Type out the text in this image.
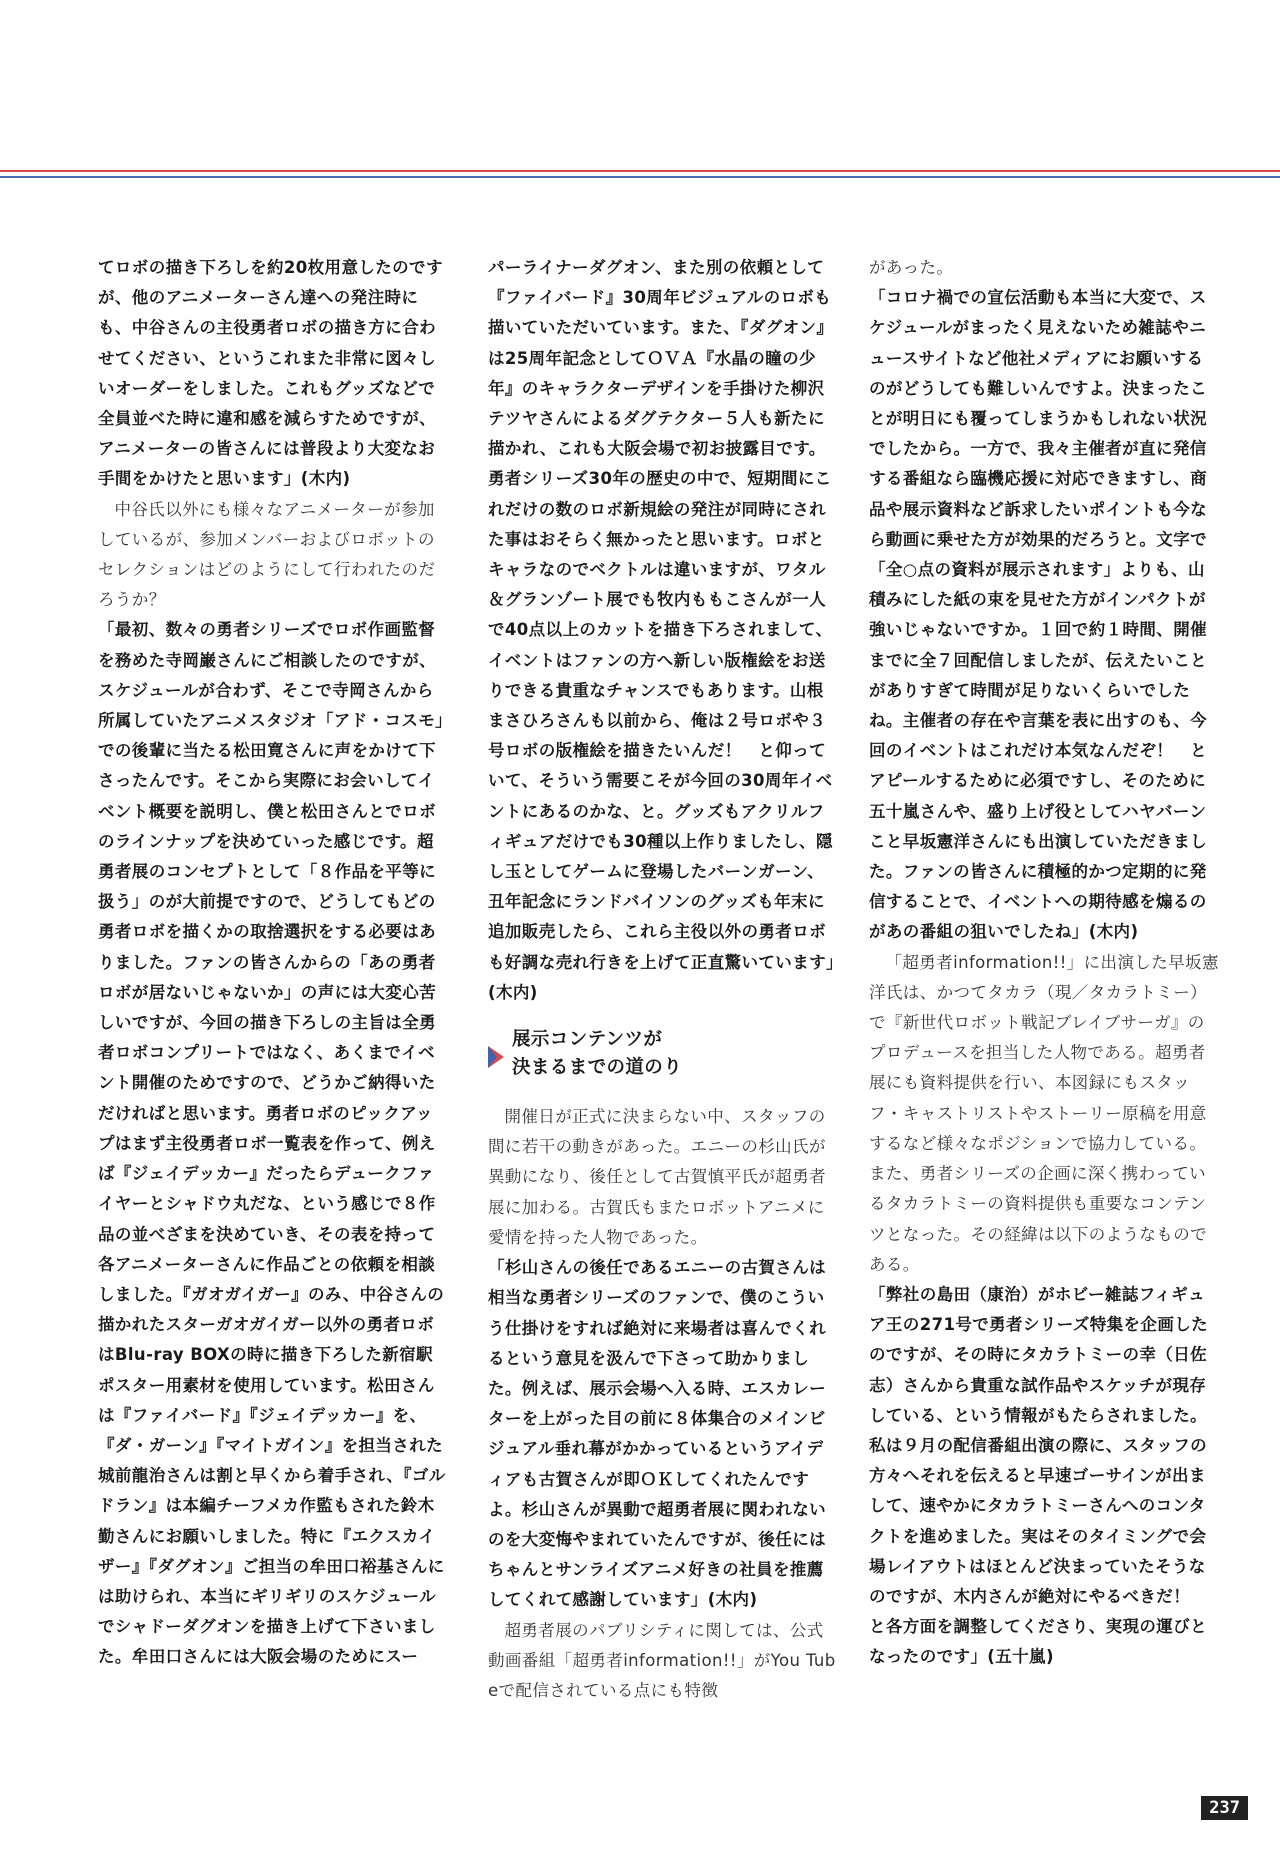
てロボの描き下ろしを約20枚用意したのですが、他のアニメーターさん達への発注時にも、中谷さんの主役勇者ロボの描き方に合わせてください、というこれまた非常に図々しいオーダーをしました。これもグッズなどで全員並べた時に違和感を減らすためですが、アニメーターの皆さんには普段より大変なお手間をかけたと思います」(木内)

中谷氏以外にも様々なアニメーターが参加しているが、参加メンバーおよびロボットのセレクションはどのようにして行われたのだろうか？

「最初、数々の勇者シリーズでロボ作画監督を務めた寺岡巌さんにご相談したのですが、スケジュールが合わず、そこで寺岡さんから所属していたアニメスタジオ「アド・コスモ」での後輩に当たる松田寛さんに声をかけて下さったんです。そこから実際にお会いしてイベント概要を説明し、僕と松田さんとでロボのラインナップを決めていった感じです。超勇者展のコンセプトとして「８作品を平等に扱う」のが大前提ですので、どうしてもどの勇者ロボを描くかの取捨選択をする必要はありました。ファンの皆さんからの「あの勇者ロボが居ないじゃないか」の声には大変心苦しいですが、今回の描き下ろしの主旨は全勇者ロボコンプリートではなく、あくまでイベント開催のためですので、どうかご納得いただければと思います。勇者ロボのピックアップはまず主役勇者ロボ一覧表を作って、例えば『ジェイデッカー』だったらデュークファイヤーとシャドウ丸だな、という感じで８作品の並べざまを決めていき、その表を持って各アニメーターさんに作品ごとの依頼を相談しました。『ガオガイガー』のみ、中谷さんの描かれたスターガオガイガー以外の勇者ロボはBlu-ray BOXの時に描き下ろした新宿駅ポスター用素材を使用しています。松田さんは『ファイバード』『ジェイデッカー』を、『ダ・ガーン』『マイトガイン』を担当された城前龍治さんは割と早くから着手され、『ゴルドラン』は本編チーフメカ作監もされた鈴木勤さんにお願いしました。特に『エクスカイザー』『ダグオン』ご担当の牟田口裕基さんには助けられ、本当にギリギリのスケジュールでシャドーダグオンを描き上げて下さいました。牟田口さんには大阪会場のためにスー

パーライナーダグオン、また別の依頼として『ファイバード』30周年ビジュアルのロボも描いていただいています。また、『ダグオン』は25周年記念としてＯＶＡ『水晶の瞳の少年』のキャラクターデザインを手掛けた柳沢テツヤさんによるダグテクター５人も新たに描かれ、これも大阪会場で初お披露目です。勇者シリーズ30年の歴史の中で、短期間にこれだけの数のロボ新規絵の発注が同時にされた事はおそらく無かったと思います。ロボとキャラなのでベクトルは違いますが、ワタル＆グランゾート展でも牧内ももこさんが一人で40点以上のカットを描き下ろされまして、イベントはファンの方へ新しい版権絵をお送りできる貴重なチャンスでもあります。山根まさひろさんも以前から、俺は２号ロボや３号ロボの版権絵を描きたいんだ！　と仰っていて、そういう需要こそが今回の30周年イベントにあるのかな、と。グッズもアクリルフィギュアだけでも30種以上作りましたし、隠し玉としてゲームに登場したバーンガーン、丑年記念にランドバイソンのグッズも年末に追加販売したら、これら主役以外の勇者ロボも好調な売れ行きを上げて正直驚いています」(木内)

展示コンテンツが
決まるまでの道のり

開催日が正式に決まらない中、スタッフの間に若干の動きがあった。エニーの杉山氏が異動になり、後任として古賀慎平氏が超勇者展に加わる。古賀氏もまたロボットアニメに愛情を持った人物であった。

「杉山さんの後任であるエニーの古賀さんは相当な勇者シリーズのファンで、僕のこういう仕掛けをすれば絶対に来場者は喜んでくれるという意見を汲んで下さって助かりました。例えば、展示会場へ入る時、エスカレーターを上がった目の前に８体集合のメインビジュアル垂れ幕がかかっているというアイディアも古賀さんが即ＯＫしてくれたんですよ。杉山さんが異動で超勇者展に関われないのを大変悔やまれていたんですが、後任にはちゃんとサンライズアニメ好きの社員を推薦してくれて感謝しています」(木内)

超勇者展のパブリシティに関しては、公式動画番組「超勇者information!!」がYou Tubeで配信されている点にも特徴

があった。

「コロナ禍での宣伝活動も本当に大変で、スケジュールがまったく見えないため雑誌やニュースサイトなど他社メディアにお願いするのがどうしても難しいんですよ。決まったことが明日にも覆ってしまうかもしれない状況でしたから。一方で、我々主催者が直に発信する番組なら臨機応援に対応できますし、商品や展示資料など訴求したいポイントも今なら動画に乗せた方が効果的だろうと。文字で「全○点の資料が展示されます」よりも、山積みにした紙の束を見せた方がインパクトが強いじゃないですか。１回で約１時間、開催までに全７回配信しましたが、伝えたいことがありすぎて時間が足りないくらいでしたね。主催者の存在や言葉を表に出すのも、今回のイベントはこれだけ本気なんだぞ！　とアピールするために必須ですし、そのために五十嵐さんや、盛り上げ役としてハヤバーンこと早坂憲洋さんにも出演していただきました。ファンの皆さんに積極的かつ定期的に発信することで、イベントへの期待感を煽るのがあの番組の狙いでしたね」(木内)

「超勇者information!!」に出演した早坂憲洋氏は、かつてタカラ（現／タカラトミー）で『新世代ロボット戦記ブレイブサーガ』のプロデュースを担当した人物である。超勇者展にも資料提供を行い、本図録にもスタッフ・キャストリストやストーリー原稿を用意するなど様々なポジションで協力している。また、勇者シリーズの企画に深く携わっているタカラトミーの資料提供も重要なコンテンツとなった。その経緯は以下のようなものである。

「弊社の島田（康治）がホビー雑誌フィギュア王の271号で勇者シリーズ特集を企画したのですが、その時にタカラトミーの幸（日佐志）さんから貴重な試作品やスケッチが現存している、という情報がもたらされました。私は９月の配信番組出演の際に、スタッフの方々へそれを伝えると早速ゴーサインが出まして、速やかにタカラトミーさんへのコンタクトを進めました。実はそのタイミングで会場レイアウトはほとんど決まっていたそうなのですが、木内さんが絶対にやるべきだ！　と各方面を調整してくださり、実現の運びとなったのです」(五十嵐)

237
